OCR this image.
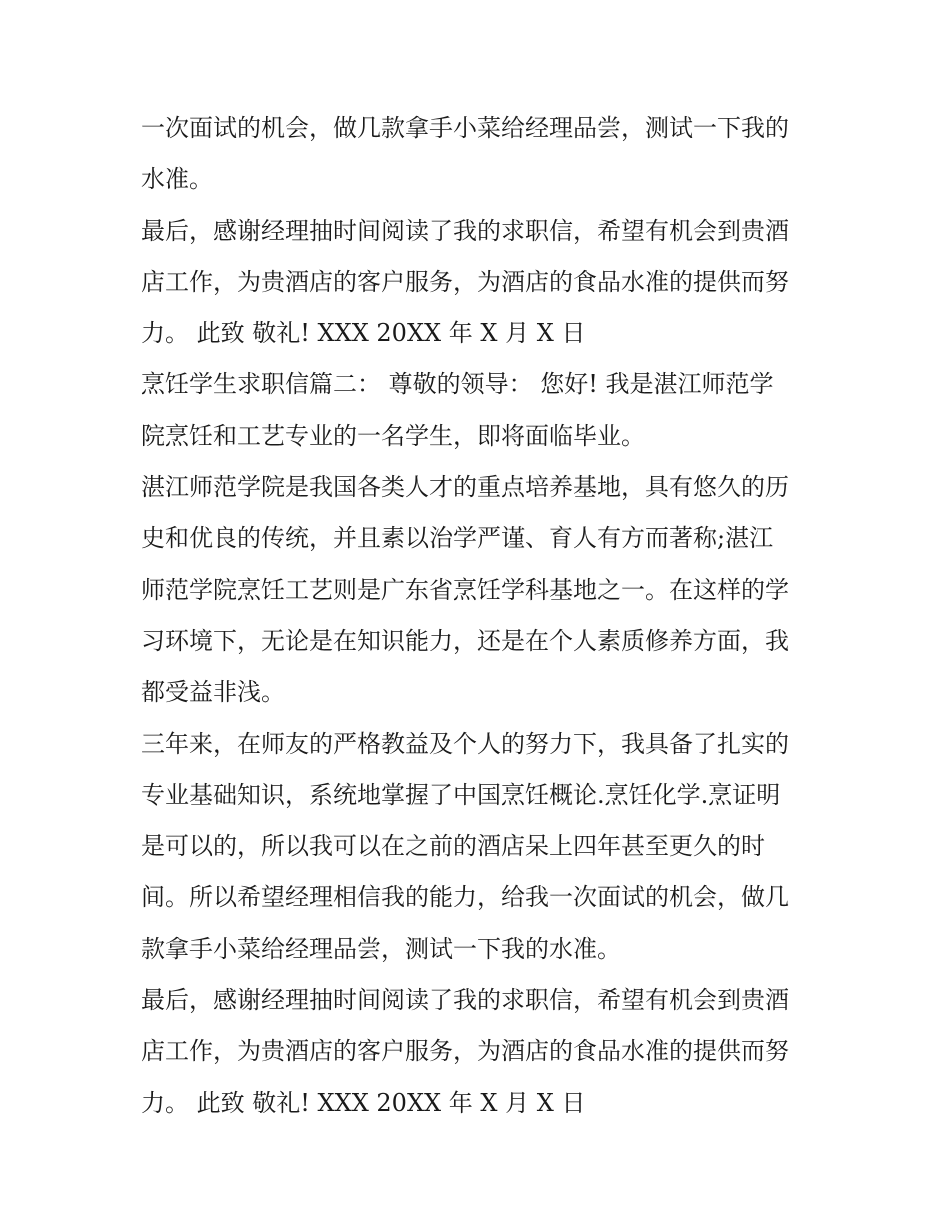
一次面试的机会，做几款拿手小菜给经理品尝，测试一下我的
水准。
最后，感谢经理抽时间阅读了我的求职信，希望有机会到贵酒
店工作，为贵酒店的客户服务，为酒店的食品水准的提供而努
力。 此致 敬礼! XXX 20XX 年 X 月 X 日
烹饪学生求职信篇二： 尊敬的领导： 您好! 我是湛江师范学
院烹饪和工艺专业的一名学生，即将面临毕业。
湛江师范学院是我国各类人才的重点培养基地，具有悠久的历
史和优良的传统，并且素以治学严谨、育人有方而著称;湛江
师范学院烹饪工艺则是广东省烹饪学科基地之一。在这样的学
习环境下，无论是在知识能力，还是在个人素质修养方面，我
都受益非浅。
三年来，在师友的严格教益及个人的努力下，我具备了扎实的
专业基础知识，系统地掌握了中国烹饪概论.烹饪化学.烹证明
是可以的，所以我可以在之前的酒店呆上四年甚至更久的时
间。所以希望经理相信我的能力，给我一次面试的机会，做几
款拿手小菜给经理品尝，测试一下我的水准。
最后，感谢经理抽时间阅读了我的求职信，希望有机会到贵酒
店工作，为贵酒店的客户服务，为酒店的食品水准的提供而努
力。 此致 敬礼! XXX 20XX 年 X 月 X 日
